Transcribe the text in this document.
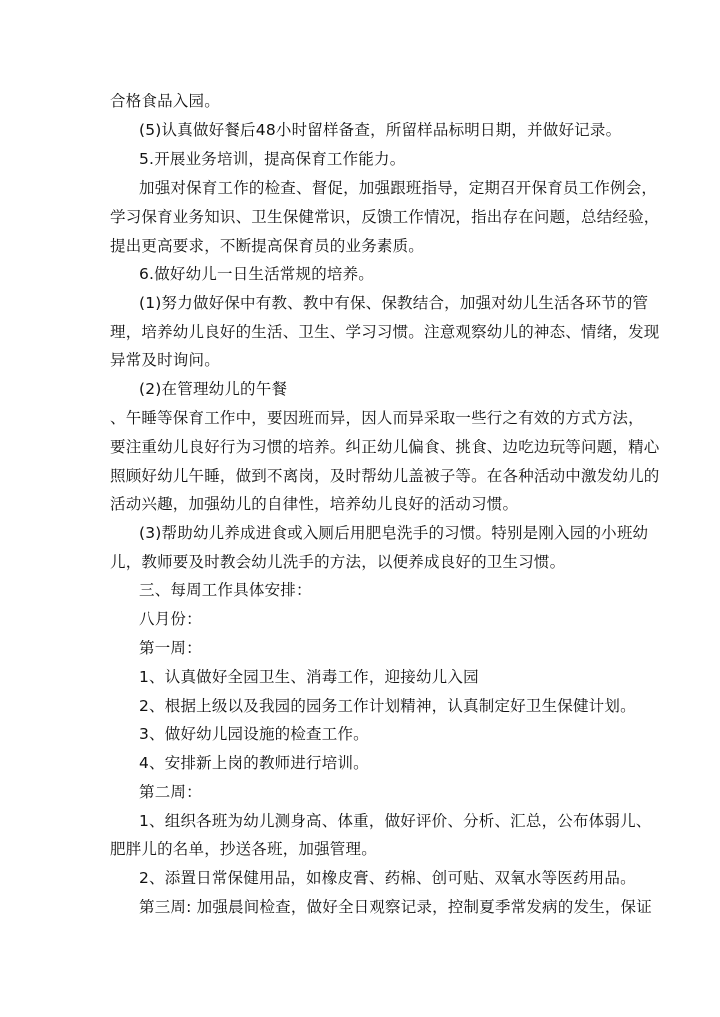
合格食品入园。

(5)认真做好餐后48小时留样备查，所留样品标明日期，并做好记录。

5.开展业务培训，提高保育工作能力。

加强对保育工作的检查、督促，加强跟班指导，定期召开保育员工作例会，

学习保育业务知识、卫生保健常识，反馈工作情况，指出存在问题，总结经验，

提出更高要求，不断提高保育员的业务素质。

6.做好幼儿一日生活常规的培养。

(1)努力做好保中有教、教中有保、保教结合，加强对幼儿生活各环节的管

理，培养幼儿良好的生活、卫生、学习习惯。注意观察幼儿的神态、情绪，发现

异常及时询问。

(2)在管理幼儿的午餐

、午睡等保育工作中，要因班而异，因人而异采取一些行之有效的方式方法，

要注重幼儿良好行为习惯的培养。纠正幼儿偏食、挑食、边吃边玩等问题，精心

照顾好幼儿午睡，做到不离岗，及时帮幼儿盖被子等。在各种活动中激发幼儿的

活动兴趣，加强幼儿的自律性，培养幼儿良好的活动习惯。

(3)帮助幼儿养成进食或入厕后用肥皂洗手的习惯。特别是刚入园的小班幼

儿，教师要及时教会幼儿洗手的方法，以便养成良好的卫生习惯。

三、每周工作具体安排：

八月份：

第一周：

1、认真做好全园卫生、消毒工作，迎接幼儿入园

2、根据上级以及我园的园务工作计划精神，认真制定好卫生保健计划。

3、做好幼儿园设施的检查工作。

4、安排新上岗的教师进行培训。

第二周：

1、组织各班为幼儿测身高、体重，做好评价、分析、汇总，公布体弱儿、

肥胖儿的名单，抄送各班，加强管理。

2、添置日常保健用品，如橡皮膏、药棉、创可贴、双氧水等医药用品。

第三周: 加强晨间检查，做好全日观察记录，控制夏季常发病的发生，保证
